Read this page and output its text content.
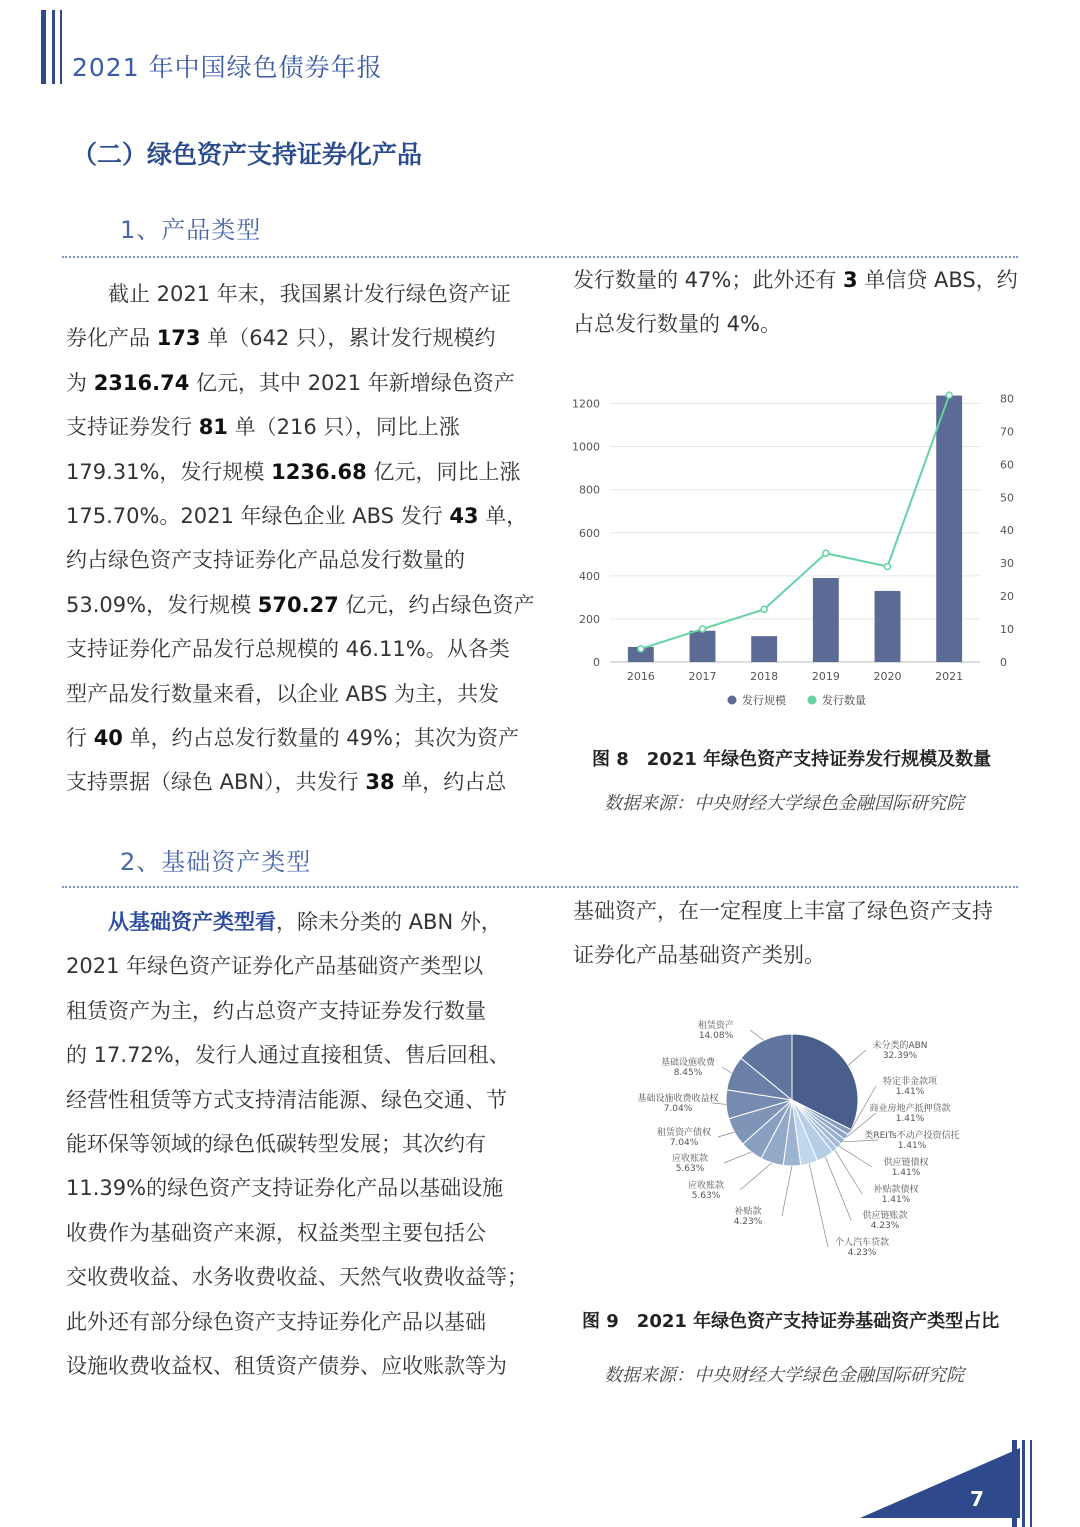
2021 年中国绿色债券年报
（二）绿色资产支持证券化产品
1、产品类型
　　截止 2021 年末，我国累计发行绿色资产证
券化产品 173 单（642 只），累计发行规模约
为 2316.74 亿元，其中 2021 年新增绿色资产
支持证券发行 81 单（216 只），同比上涨
179.31%，发行规模 1236.68 亿元，同比上涨
175.70%。2021 年绿色企业 ABS 发行 43 单，
约占绿色资产支持证券化产品总发行数量的
53.09%，发行规模 570.27 亿元，约占绿色资产
支持证券化产品发行总规模的 46.11%。从各类
型产品发行数量来看，以企业 ABS 为主，共发
行 40 单，约占总发行数量的 49%；其次为资产
支持票据（绿色 ABN），共发行 38 单，约占总
发行数量的 47%；此外还有 3 单信贷 ABS，约
占总发行数量的 4%。
0
200
400
600
800
1000
1200
0
10
20
30
40
50
60
70
80
2016	2017	2018	2019	2020	2021
发行规模	发行数量
图 8　2021 年绿色资产支持证券发行规模及数量
数据来源：中央财经大学绿色金融国际研究院
2、基础资产类型
　　从基础资产类型看，除未分类的 ABN 外，
2021 年绿色资产证券化产品基础资产类型以
租赁资产为主，约占总资产支持证券发行数量
的 17.72%，发行人通过直接租赁、售后回租、
经营性租赁等方式支持清洁能源、绿色交通、节
能环保等领域的绿色低碳转型发展；其次约有
11.39%的绿色资产支持证券化产品以基础设施
收费作为基础资产来源，权益类型主要包括公
交收费收益、水务收费收益、天然气收费收益等；
此外还有部分绿色资产支持证券化产品以基础
设施收费收益权、租赁资产债券、应收账款等为
基础资产，在一定程度上丰富了绿色资产支持
证券化产品基础资产类别。
未分类的ABN
32.39%
特定非金款项
1.41%
商业房地产抵押贷款
1.41%
类REITs不动产投资信托
1.41%
供应链债权
1.41%
补贴款债权
1.41%
供应链账款
4.23%
个人汽车贷款
4.23%
租赁资产
14.08%
基础设施收费
8.45%
基础设施收费收益权
7.04%
租赁资产债权
7.04%
应收账款
5.63%
应收账款
5.63%
补贴款
4.23%
图 9　2021 年绿色资产支持证券基础资产类型占比
数据来源：中央财经大学绿色金融国际研究院
7
